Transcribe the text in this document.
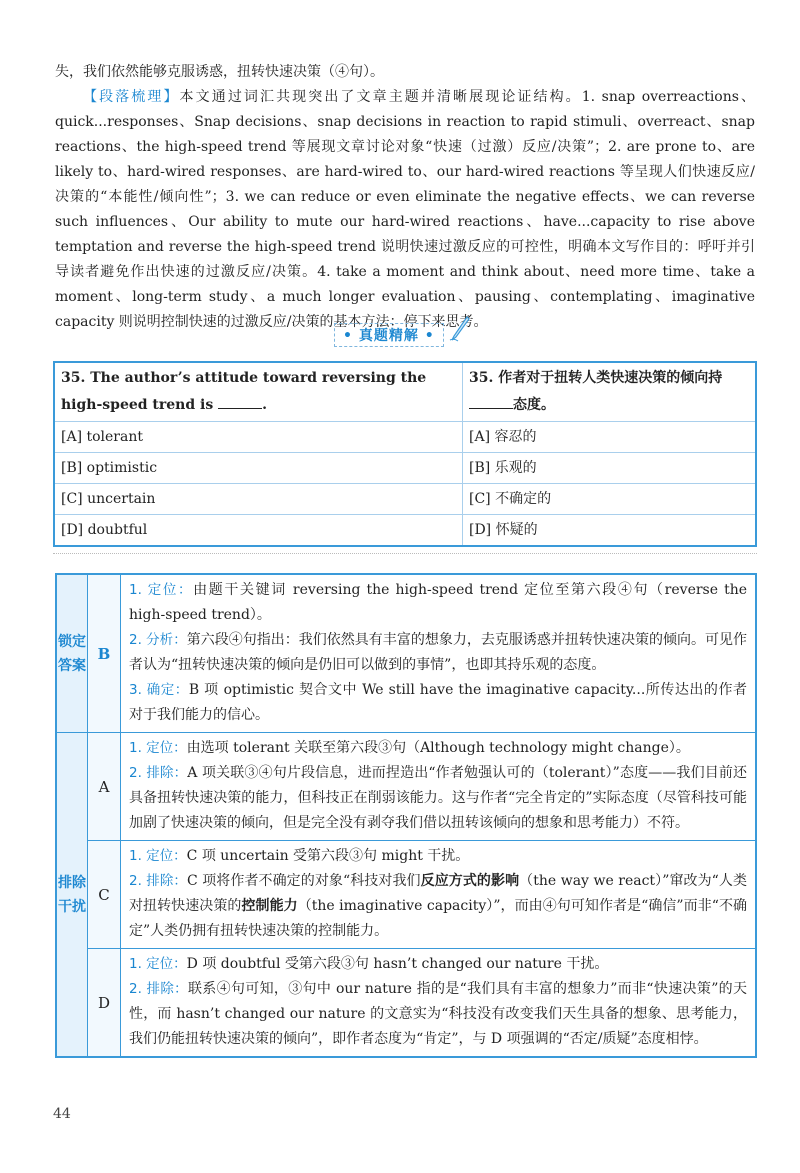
失，我们依然能够克服诱惑，扭转快速决策（④句）。
【段落梳理】本文通过词汇共现突出了文章主题并清晰展现论证结构。1. snap overreactions、quick...responses、Snap decisions、snap decisions in reaction to rapid stimuli、overreact、snap reactions、the high-speed trend 等展现文章讨论对象“快速（过激）反应/决策”；2. are prone to、are likely to、hard-wired responses、are hard-wired to、our hard-wired reactions 等呈现人们快速反应/决策的“本能性/倾向性”；3. we can reduce or even eliminate the negative effects、we can reverse such influences、Our ability to mute our hard-wired reactions、have...capacity to rise above temptation and reverse the high-speed trend 说明快速过激反应的可控性，明确本文写作目的：呼吁并引导读者避免作出快速的过激反应/决策。4. take a moment and think about、need more time、take a moment、long-term study、a much longer evaluation、pausing、contemplating、imaginative capacity 则说明控制快速的过激反应/决策的基本方法：停下来思考。
• 真题精解 •
35. The author’s attitude toward reversing the high-speed trend is .	35. 作者对于扭转人类快速决策的倾向持态度。
[A] tolerant	[A] 容忍的
[B] optimistic	[B] 乐观的
[C] uncertain	[C] 不确定的
[D] doubtful	[D] 怀疑的
锁定答案	B	1. 定位：由题干关键词 reversing the high-speed trend 定位至第六段④句（reverse the high-speed trend）。
2. 分析：第六段④句指出：我们依然具有丰富的想象力，去克服诱惑并扭转快速决策的倾向。可见作者认为“扭转快速决策的倾向是仍旧可以做到的事情”，也即其持乐观的态度。
3. 确定：B 项 optimistic 契合文中 We still have the imaginative capacity...所传达出的作者对于我们能力的信心。

排除干扰	A	1. 定位：由选项 tolerant 关联至第六段③句（Although technology might change）。
2. 排除：A 项关联③④句片段信息，进而捏造出“作者勉强认可的（tolerant）”态度——我们目前还具备扭转快速决策的能力，但科技正在削弱该能力。这与作者“完全肯定的”实际态度（尽管科技可能加剧了快速决策的倾向，但是完全没有剥夺我们借以扭转该倾向的想象和思考能力）不符。

	C	1. 定位：C 项 uncertain 受第六段③句 might 干扰。
2. 排除：C 项将作者不确定的对象“科技对我们反应方式的影响（the way we react）”窜改为“人类对扭转快速决策的控制能力（the imaginative capacity）”，而由④句可知作者是“确信”而非“不确定”人类仍拥有扭转快速决策的控制能力。

	D	1. 定位：D 项 doubtful 受第六段③句 hasn’t changed our nature 干扰。
2. 排除：联系④句可知，③句中 our nature 指的是“我们具有丰富的想象力”而非“快速决策”的天性，而 hasn’t changed our nature 的文意实为“科技没有改变我们天生具备的想象、思考能力，我们仍能扭转快速决策的倾向”，即作者态度为“肯定”，与 D 项强调的“否定/质疑”态度相悖。
44
